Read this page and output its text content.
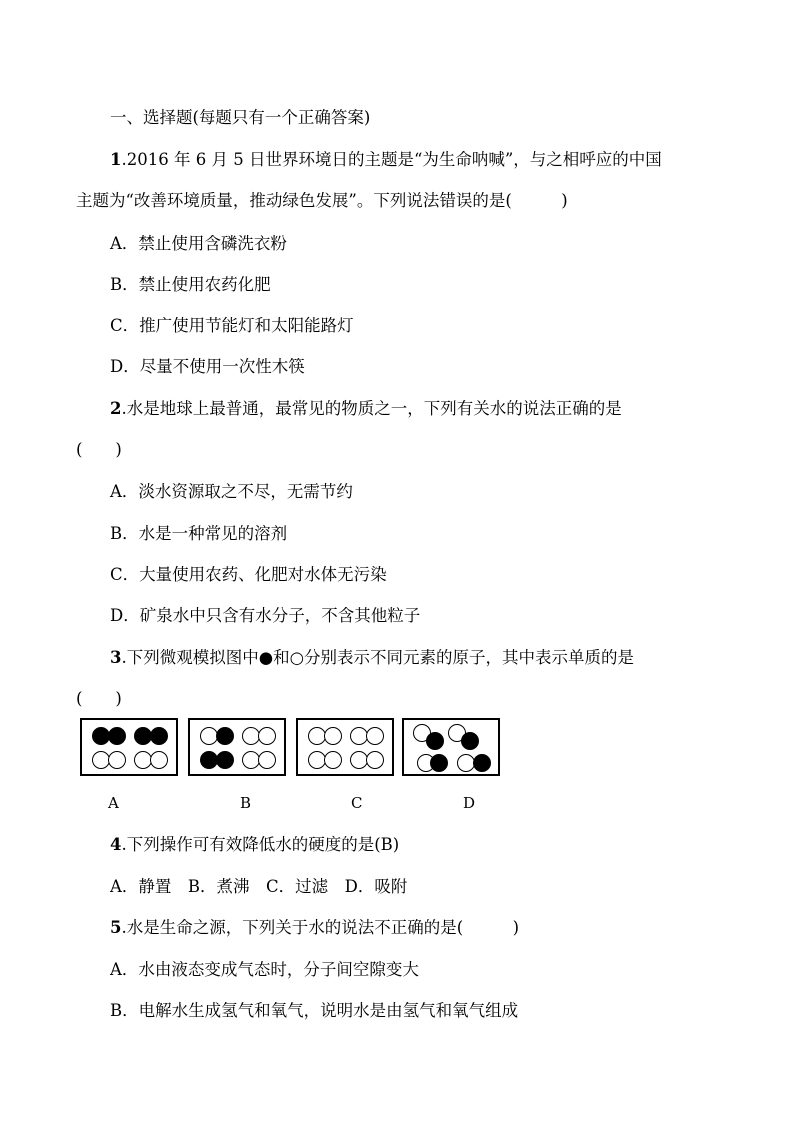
一、选择题(每题只有一个正确答案)
1.2016 年 6 月 5 日世界环境日的主题是“为生命呐喊”，与之相呼应的中国
主题为“改善环境质量，推动绿色发展”。下列说法错误的是(　　　)
A．禁止使用含磷洗衣粉
B．禁止使用农药化肥
C．推广使用节能灯和太阳能路灯
D．尽量不使用一次性木筷
2.水是地球上最普通，最常见的物质之一，下列有关水的说法正确的是
(　　)
A．淡水资源取之不尽，无需节约
B．水是一种常见的溶剂
C．大量使用农药、化肥对水体无污染
D．矿泉水中只含有水分子，不含其他粒子
3.下列微观模拟图中●和○分别表示不同元素的原子，其中表示单质的是
(　　)
A	B	C	D
4.下列操作可有效降低水的硬度的是(B)
A．静置　B．煮沸　C．过滤　D．吸附
5.水是生命之源，下列关于水的说法不正确的是(　　　)
A．水由液态变成气态时，分子间空隙变大
B．电解水生成氢气和氧气，说明水是由氢气和氧气组成
